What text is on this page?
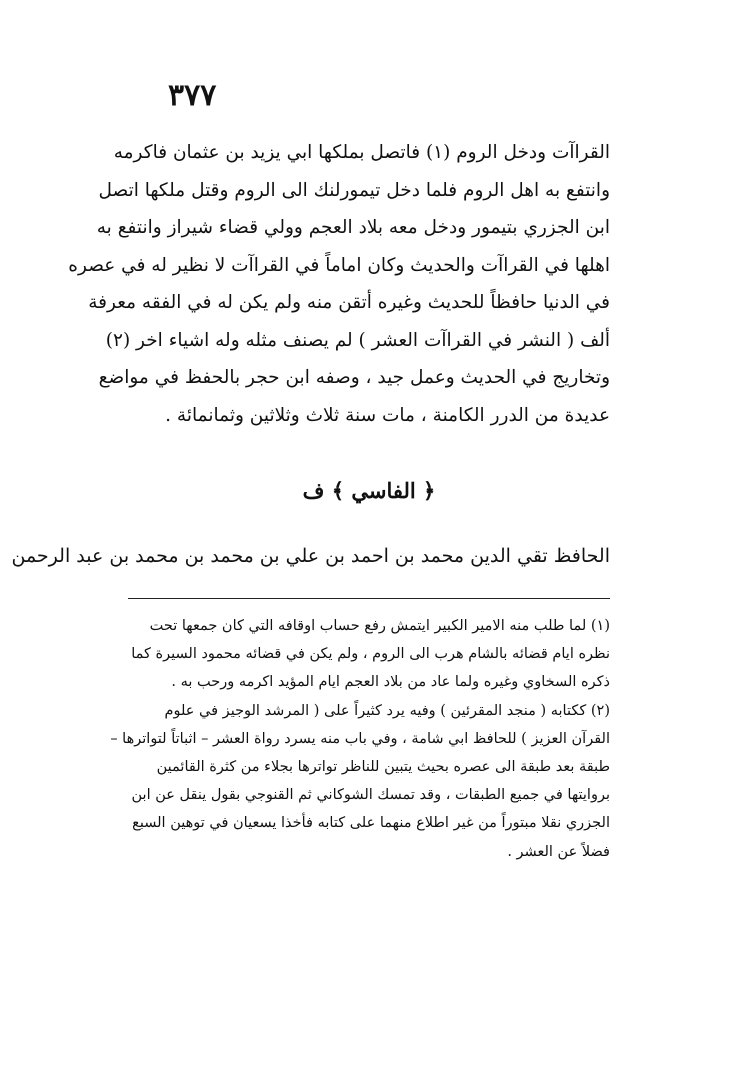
٣٧٧
القراآت ودخل الروم (١) فاتصل بملكها ابي يزيد بن عثمان فاكرمه
وانتفع به اهل الروم فلما دخل تيمورلنك الى الروم وقتل ملكها اتصل
ابن الجزري بتيمور ودخل معه بلاد العجم وولي قضاء شيراز وانتفع به
اهلها في القراآت والحديث وكان اماماً في القراآت لا نظير له في عصره
في الدنيا حافظاً للحديث وغيره أتقن منه ولم يكن له في الفقه معرفة
ألف ( النشر في القراآت العشر ) لم يصنف مثله وله اشياء اخر (٢)
وتخاريج في الحديث وعمل جيد ، وصفه ابن حجر بالحفظ في مواضع
عديدة من الدرر الكامنة ، مات سنة ثلاث وثلاثين وثمانمائة .
﴿ الفاسي ﴾ ف
الحافظ تقي الدين محمد بن احمد بن علي بن محمد بن محمد بن عبد الرحمن
(١) لما طلب منه الامير الكبير ايتمش رفع حساب اوقافه التي كان جمعها تحت
نظره ايام قضائه بالشام هرب الى الروم ، ولم يكن في قضائه محمود السيرة كما
ذكره السخاوي وغيره ولما عاد من بلاد العجم ايام المؤيد اكرمه ورحب به .
(٢) ككتابه ( منجد المقرئين ) وفيه يرد كثيراً على ( المرشد الوجيز في علوم
القرآن العزيز ) للحافظ ابي شامة ، وفي باب منه يسرد رواة العشر – اثباتاً لتواترها –
طبقة بعد طبقة الى عصره بحيث يتبين للناظر تواترها بجلاء من كثرة القائمين
بروايتها في جميع الطبقات ، وقد تمسك الشوكاني ثم القنوجي بقول ينقل عن ابن
الجزري نقلا مبتوراً من غير اطلاع منهما على كتابه فأخذا يسعيان في توهين السبع
فضلاً عن العشر .
